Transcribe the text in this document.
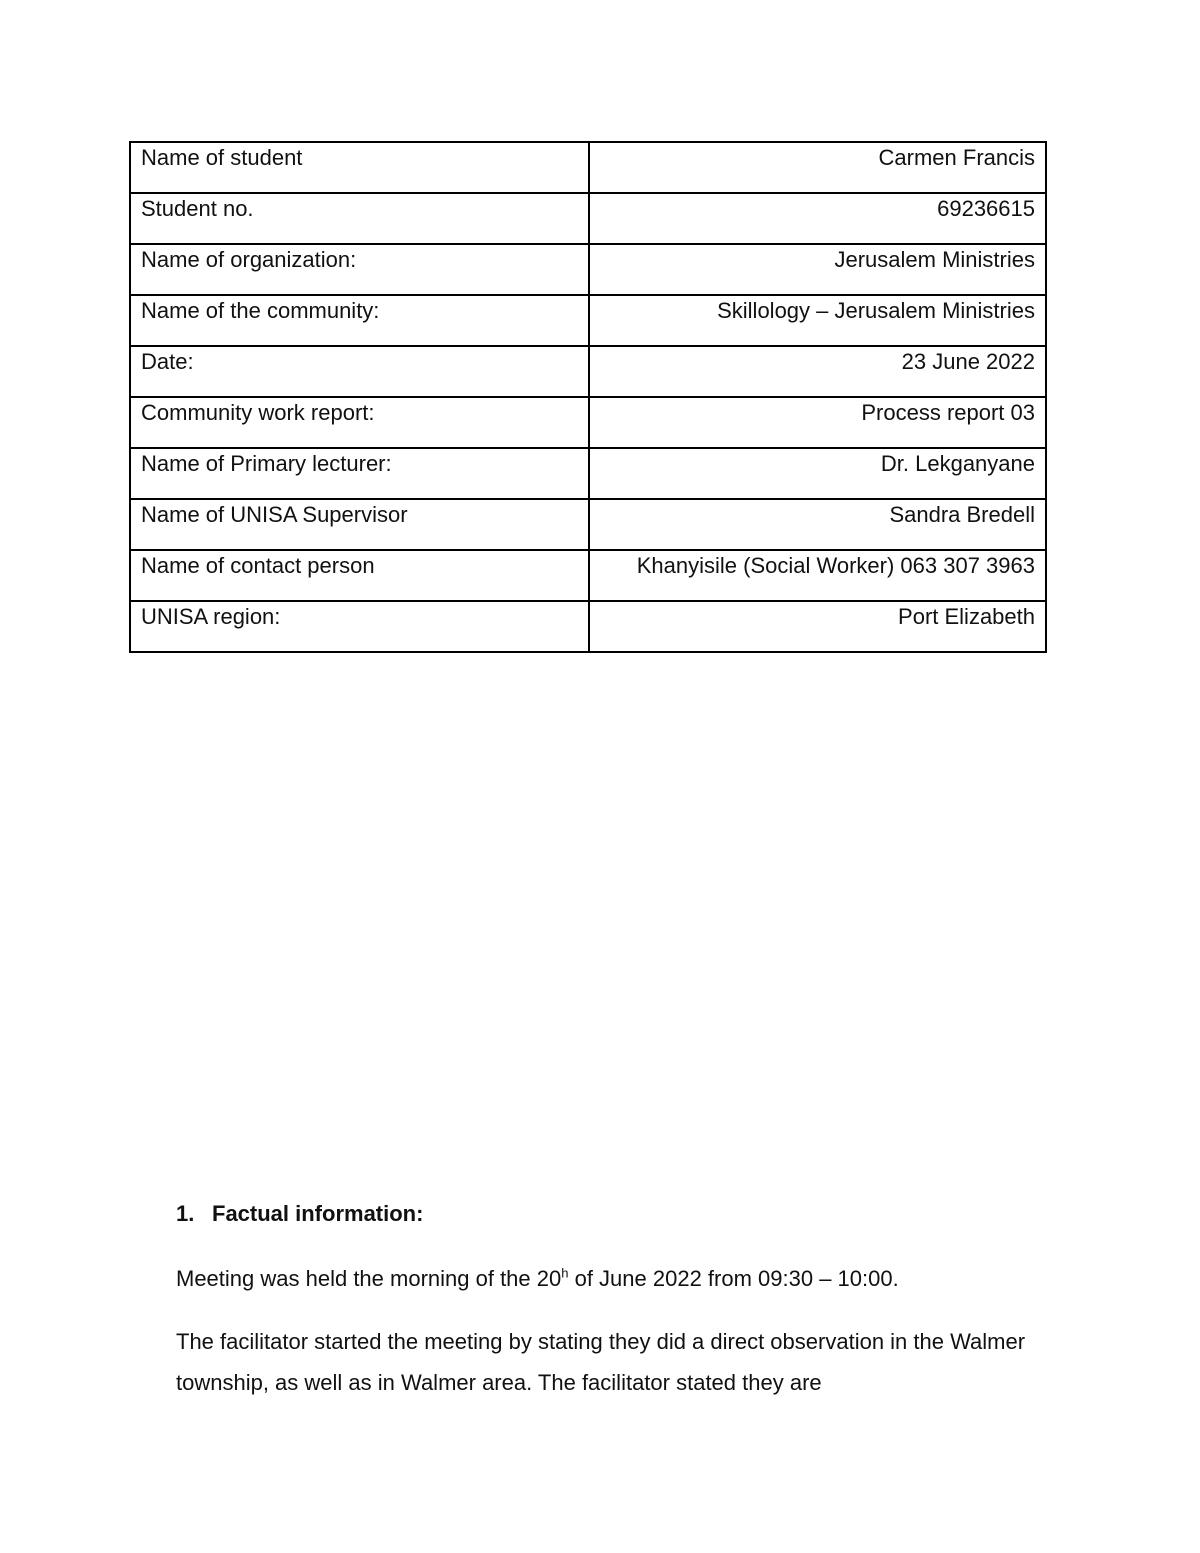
Name of student	Carmen Francis
Student no.	69236615
Name of organization:	Jerusalem Ministries
Name of the community:	Skillology – Jerusalem Ministries
Date:	23 June 2022
Community work report:	Process report 03
Name of Primary lecturer:	Dr. Lekganyane
Name of UNISA Supervisor	Sandra Bredell
Name of contact person	Khanyisile (Social Worker) 063 307 3963
UNISA region:	Port Elizabeth
1. Factual information:

Meeting was held the morning of the 20$^h$ of June 2022 from 09:30 – 10:00.

The facilitator started the meeting by stating they did a direct observation in the Walmer township, as well as in Walmer area. The facilitator stated they are
